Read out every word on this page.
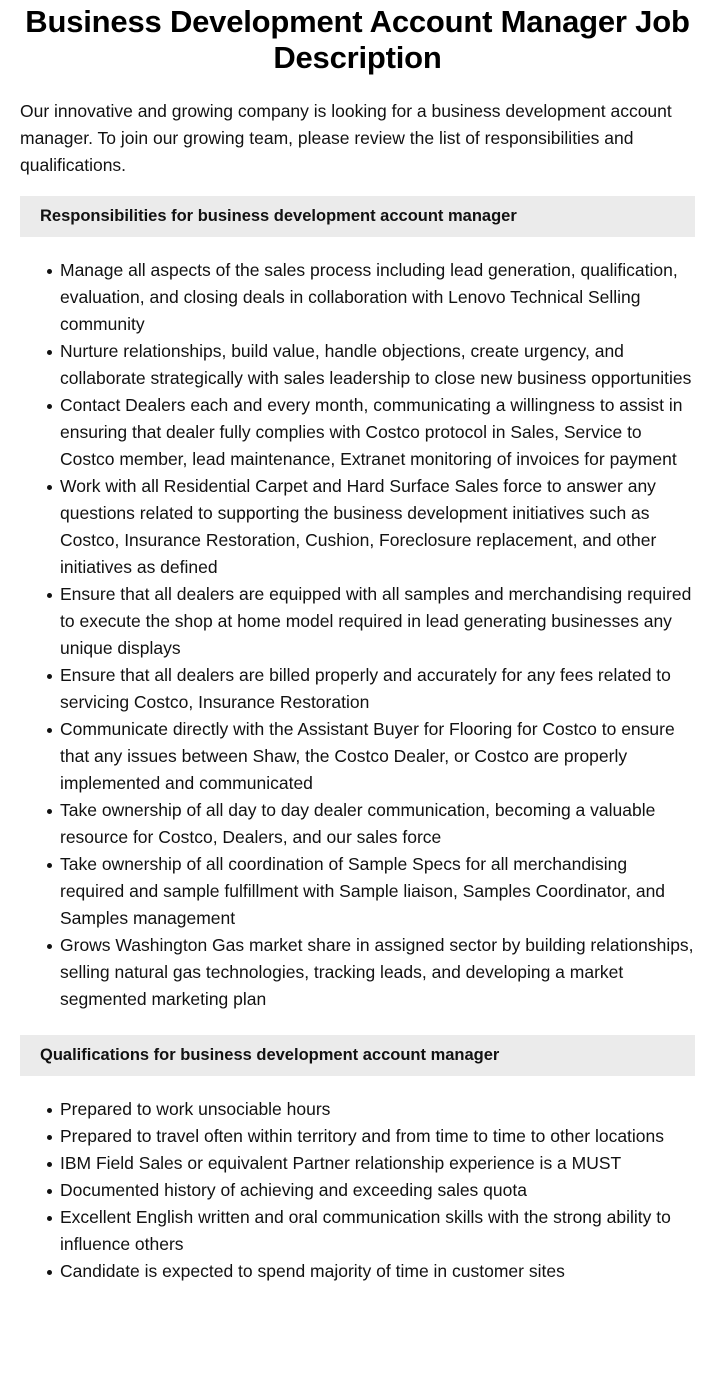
Business Development Account Manager Job Description

Our innovative and growing company is looking for a business development account manager. To join our growing team, please review the list of responsibilities and qualifications.

Responsibilities for business development account manager
Manage all aspects of the sales process including lead generation, qualification, evaluation, and closing deals in collaboration with Lenovo Technical Selling community
Nurture relationships, build value, handle objections, create urgency, and collaborate strategically with sales leadership to close new business opportunities
Contact Dealers each and every month, communicating a willingness to assist in ensuring that dealer fully complies with Costco protocol in Sales, Service to Costco member, lead maintenance, Extranet monitoring of invoices for payment
Work with all Residential Carpet and Hard Surface Sales force to answer any questions related to supporting the business development initiatives such as Costco, Insurance Restoration, Cushion, Foreclosure replacement, and other initiatives as defined
Ensure that all dealers are equipped with all samples and merchandising required to execute the shop at home model required in lead generating businesses any unique displays
Ensure that all dealers are billed properly and accurately for any fees related to servicing Costco, Insurance Restoration
Communicate directly with the Assistant Buyer for Flooring for Costco to ensure that any issues between Shaw, the Costco Dealer, or Costco are properly implemented and communicated
Take ownership of all day to day dealer communication, becoming a valuable resource for Costco, Dealers, and our sales force
Take ownership of all coordination of Sample Specs for all merchandising required and sample fulfillment with Sample liaison, Samples Coordinator, and Samples management
Grows Washington Gas market share in assigned sector by building relationships, selling natural gas technologies, tracking leads, and developing a market segmented marketing plan
Qualifications for business development account manager
Prepared to work unsociable hours
Prepared to travel often within territory and from time to time to other locations
IBM Field Sales or equivalent Partner relationship experience is a MUST
Documented history of achieving and exceeding sales quota
Excellent English written and oral communication skills with the strong ability to influence others
Candidate is expected to spend majority of time in customer sites
